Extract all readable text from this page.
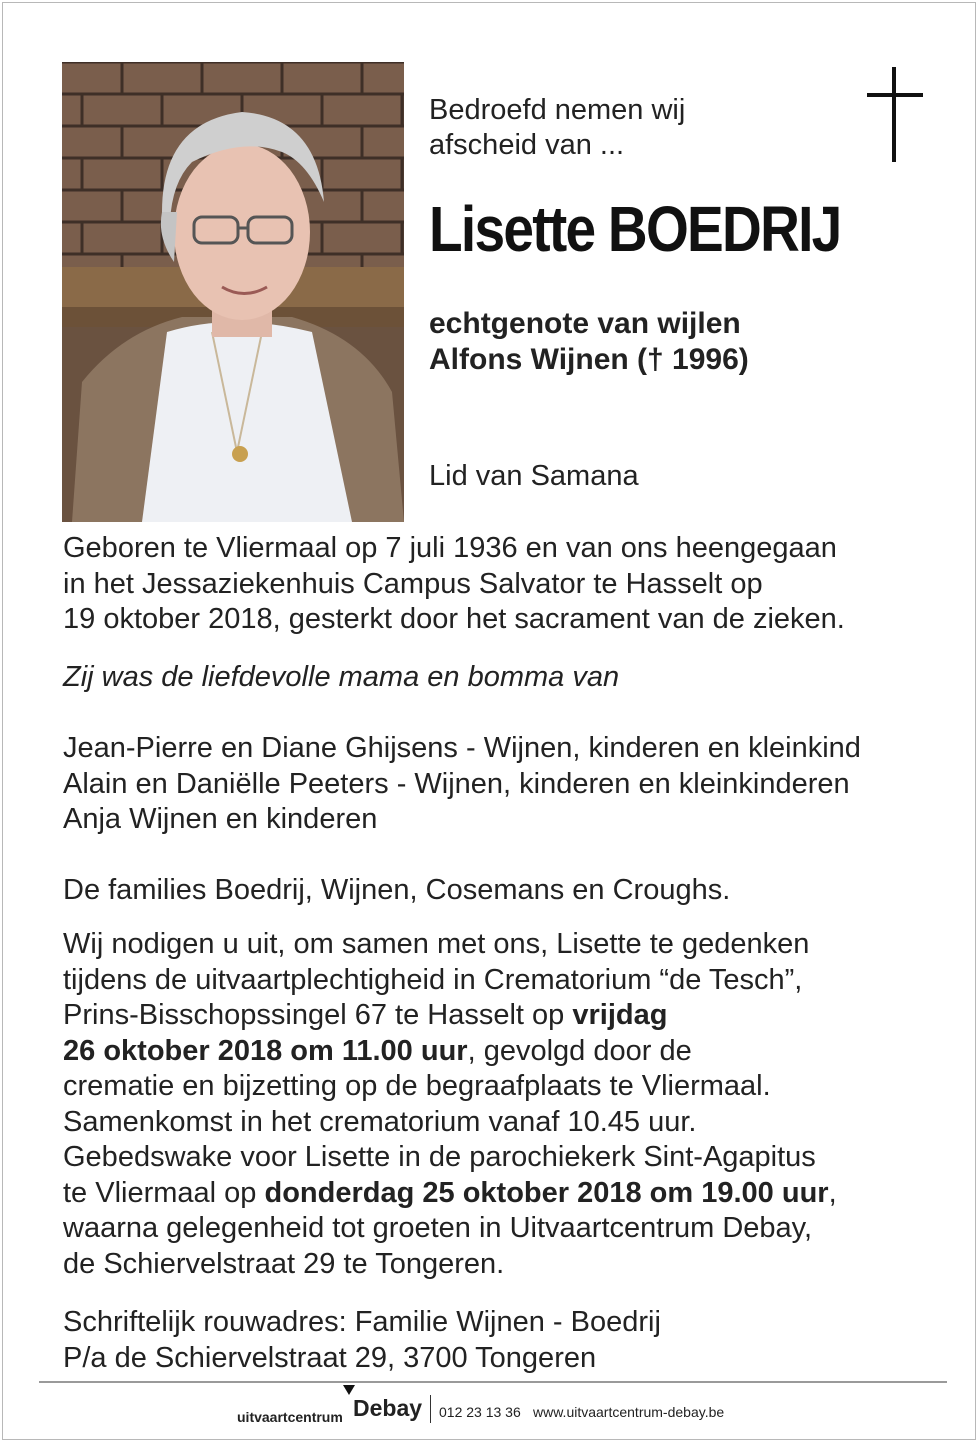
Bedroefd nemen wij
afscheid van ...
Lisette BOEDRIJ
echtgenote van wijlen
Alfons Wijnen († 1996)
Lid van Samana

Geboren te Vliermaal op 7 juli 1936 en van ons heengegaan

in het Jessaziekenhuis Campus Salvator te Hasselt op

19 oktober 2018, gesterkt door het sacrament van de zieken.

Zij was de liefdevolle mama en bomma van

Jean-Pierre en Diane Ghijsens - Wijnen, kinderen en kleinkind

Alain en Daniëlle Peeters - Wijnen, kinderen en kleinkinderen

Anja Wijnen en kinderen

De families Boedrij, Wijnen, Cosemans en Croughs.

Wij nodigen u uit, om samen met ons, Lisette te gedenken

tijdens de uitvaartplechtigheid in Crematorium “de Tesch”,

Prins-Bisschopssingel 67 te Hasselt op vrijdag

26 oktober 2018 om 11.00 uur, gevolgd door de

crematie en bijzetting op de begraafplaats te Vliermaal.

Samenkomst in het crematorium vanaf 10.45 uur.

Gebedswake voor Lisette in de parochiekerk Sint-Agapitus

te Vliermaal op donderdag 25 oktober 2018 om 19.00 uur,

waarna gelegenheid tot groeten in Uitvaartcentrum Debay,

de Schiervelstraat 29 te Tongeren.

Schriftelijk rouwadres: Familie Wijnen - Boedrij

P/a de Schiervelstraat 29, 3700 Tongeren

uitvaartcentrum Debay 012 23 13 36 www.uitvaartcentrum-debay.be
